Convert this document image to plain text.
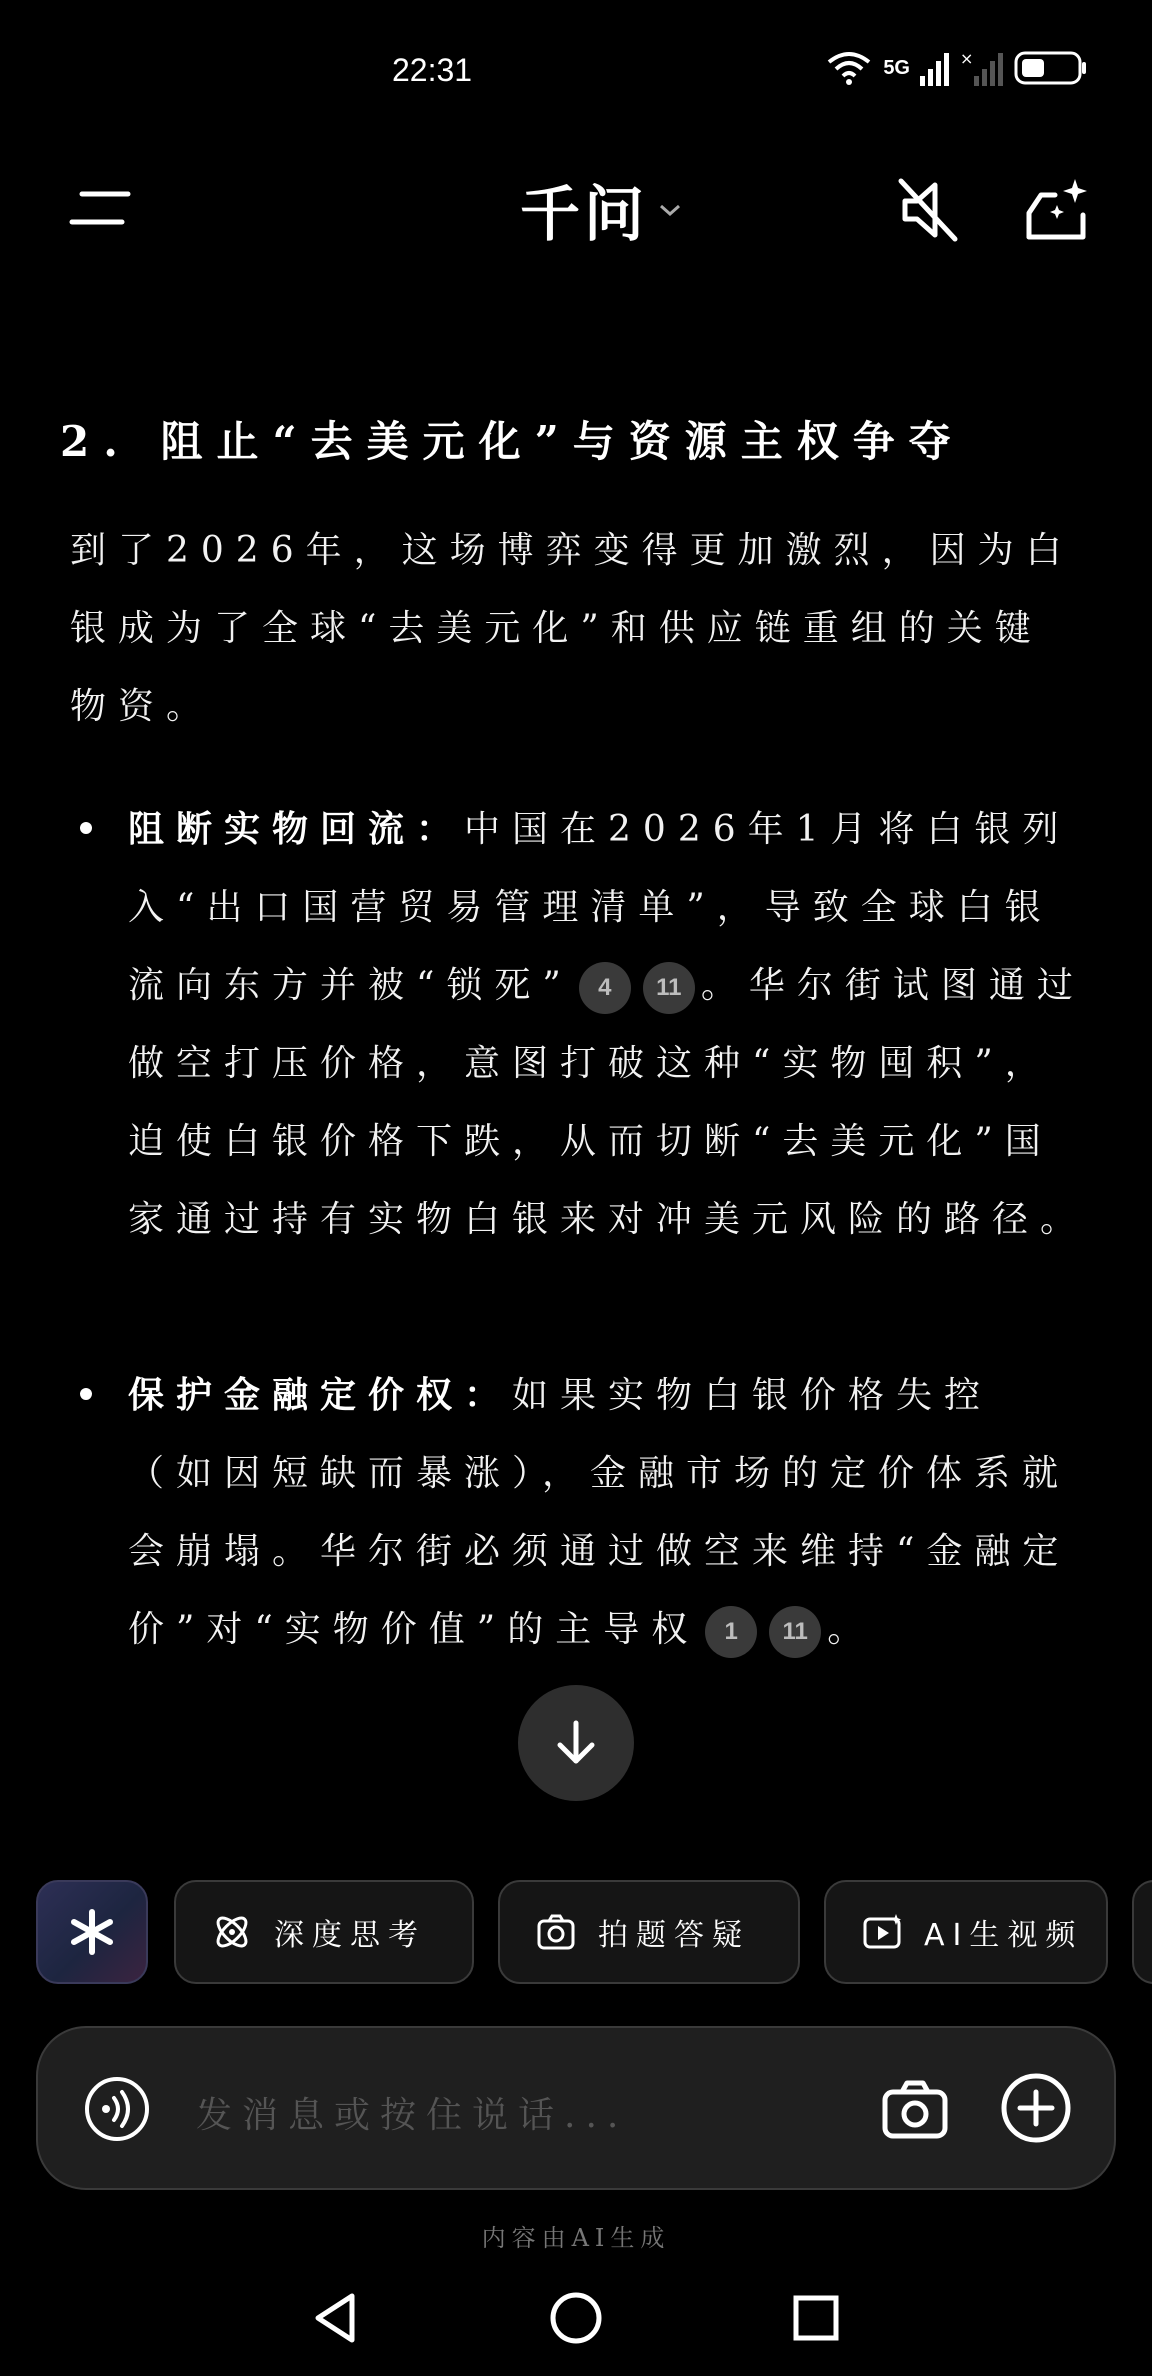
22:31	5G	×
千问
2. 阻止“去美元化”与资源主权争夺
到了2026年，这场博弈变得更加激烈，因为白银成为了全球“去美元化”和供应链重组的关键物资。
阻断实物回流：中国在2026年1月将白银列入“出口国营贸易管理清单”，导致全球白银流向东方并被“锁死” 4 11 。华尔街试图通过做空打压价格，意图打破这种“实物囤积”，迫使白银价格下跌，从而切断“去美元化”国家通过持有实物白银来对冲美元风险的路径。
保护金融定价权：如果实物白银价格失控（如因短缺而暴涨），金融市场的定价体系就会崩塌。华尔街必须通过做空来维持“金融定价”对“实物价值”的主导权 1 11 。
深度思考	拍题答疑	AI生视频
发消息或按住说话...
内容由AI生成
